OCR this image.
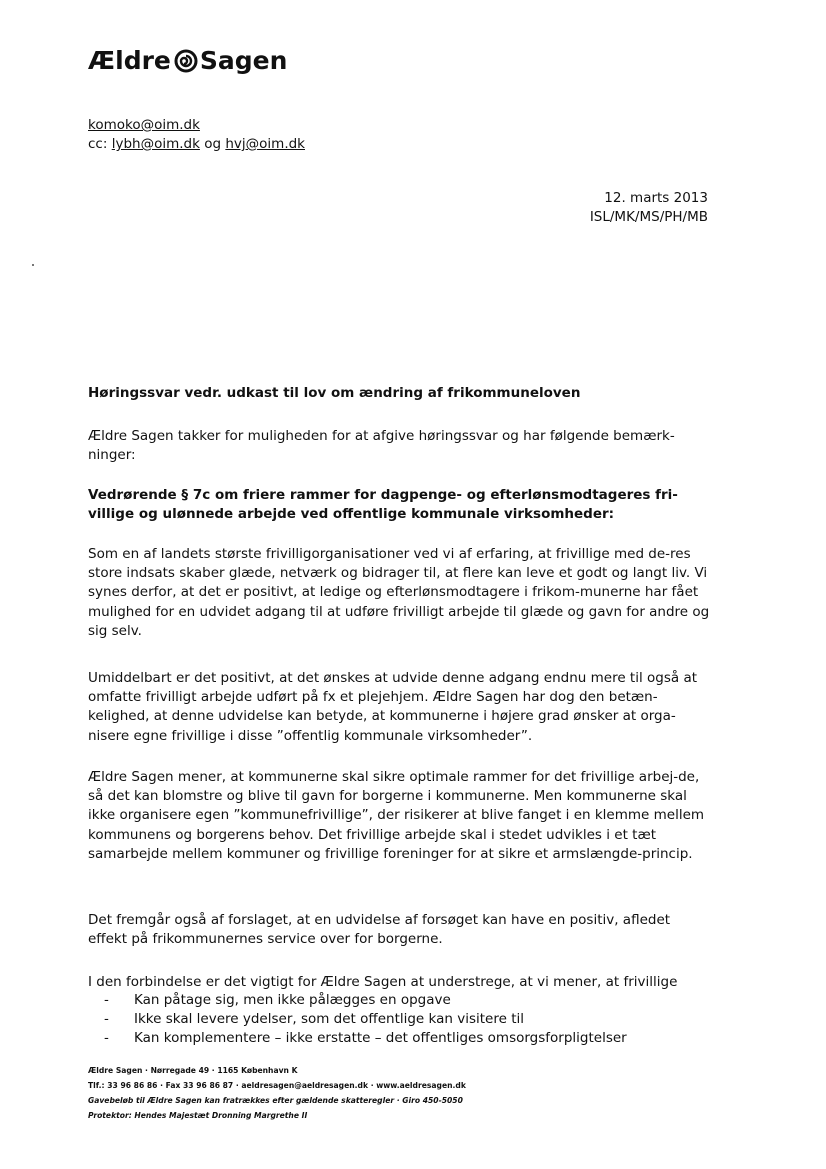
Ældre Sagen
komoko@oim.dk
cc: lybh@oim.dk og hvj@oim.dk
12. marts 2013
ISL/MK/MS/PH/MB
Høringssvar vedr. udkast til lov om ændring af frikommuneloven
Ældre Sagen takker for muligheden for at afgive høringssvar og har følgende bemærk-ninger:
Vedrørende § 7c om friere rammer for dagpenge- og efterlønsmodtageres fri-villige og ulønnede arbejde ved offentlige kommunale virksomheder:
Som en af landets største frivilligorganisationer ved vi af erfaring, at frivillige med de-res store indsats skaber glæde, netværk og bidrager til, at flere kan leve et godt og langt liv. Vi synes derfor, at det er positivt, at ledige og efterlønsmodtagere i frikom-munerne har fået mulighed for en udvidet adgang til at udføre frivilligt arbejde til glæde og gavn for andre og sig selv.
Umiddelbart er det positivt, at det ønskes at udvide denne adgang endnu mere til også at omfatte frivilligt arbejde udført på fx et plejehjem. Ældre Sagen har dog den betæn-kelighed, at denne udvidelse kan betyde, at kommunerne i højere grad ønsker at orga-nisere egne frivillige i disse ”offentlig kommunale virksomheder”.
Ældre Sagen mener, at kommunerne skal sikre optimale rammer for det frivillige arbej-de, så det kan blomstre og blive til gavn for borgerne i kommunerne. Men kommunerne skal ikke organisere egen ”kommunefrivillige”, der risikerer at blive fanget i en klemme mellem kommunens og borgerens behov. Det frivillige arbejde skal i stedet udvikles i et tæt samarbejde mellem kommuner og frivillige foreninger for at sikre et armslængde-princip.
Det fremgår også af forslaget, at en udvidelse af forsøget kan have en positiv, afledet effekt på frikommunernes service over for borgerne.
I den forbindelse er det vigtigt for Ældre Sagen at understrege, at vi mener, at frivillige
- Kan påtage sig, men ikke pålægges en opgave
- Ikke skal levere ydelser, som det offentlige kan visitere til
- Kan komplementere – ikke erstatte – det offentliges omsorgsforpligtelser
Ældre Sagen · Nørregade 49 · 1165 København K
Tlf.: 33 96 86 86 · Fax 33 96 86 87 · aeldresagen@aeldresagen.dk · www.aeldresagen.dk
Gavebeløb til Ældre Sagen kan fratrækkes efter gældende skatteregler · Giro 450-5050
Protektor: Hendes Majestæt Dronning Margrethe II
